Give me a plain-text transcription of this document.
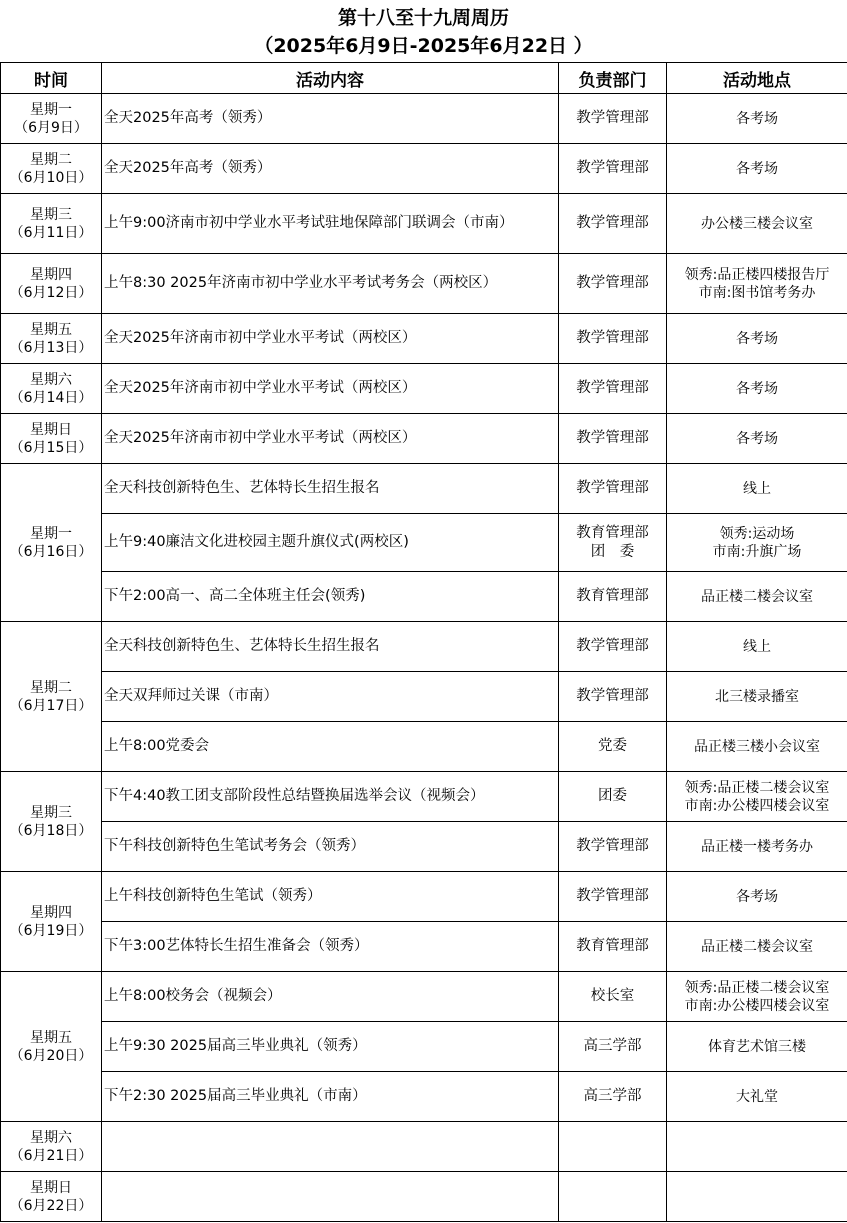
第十八至十九周周历
（2025年6月9日-2025年6月22日 ）
时间	活动内容	负责部门	活动地点

星期一
（6月9日）	全天2025年高考（领秀）	教学管理部	各考场

星期二
（6月10日）	全天2025年高考（领秀）	教学管理部	各考场

星期三
（6月11日）	上午9:00济南市初中学业水平考试驻地保障部门联调会（市南）	教学管理部	办公楼三楼会议室

星期四
（6月12日）	上午8:30 2025年济南市初中学业水平考试考务会（两校区）	教学管理部	领秀:品正楼四楼报告厅
市南:图书馆考务办

星期五
（6月13日）	全天2025年济南市初中学业水平考试（两校区）	教学管理部	各考场

星期六
（6月14日）	全天2025年济南市初中学业水平考试（两校区）	教学管理部	各考场

星期日
（6月15日）	全天2025年济南市初中学业水平考试（两校区）	教学管理部	各考场

星期一
（6月16日）	全天科技创新特色生、艺体特长生招生报名	教学管理部	线上

	上午9:40廉洁文化进校园主题升旗仪式(两校区)	教育管理部
团　委	领秀:运动场
市南:升旗广场

	下午2:00高一、高二全体班主任会(领秀)	教育管理部	品正楼二楼会议室

星期二
（6月17日）	全天科技创新特色生、艺体特长生招生报名	教学管理部	线上

	全天双拜师过关课（市南）	教学管理部	北三楼录播室

	上午8:00党委会	党委	品正楼三楼小会议室

星期三
（6月18日）	下午4:40教工团支部阶段性总结暨换届选举会议（视频会）	团委	领秀:品正楼二楼会议室
市南:办公楼四楼会议室

	下午科技创新特色生笔试考务会（领秀）	教学管理部	品正楼一楼考务办

星期四
（6月19日）	上午科技创新特色生笔试（领秀）	教学管理部	各考场

	下午3:00艺体特长生招生准备会（领秀）	教育管理部	品正楼二楼会议室

星期五
（6月20日）	上午8:00校务会（视频会）	校长室	领秀:品正楼二楼会议室
市南:办公楼四楼会议室

	上午9:30 2025届高三毕业典礼（领秀）	高三学部	体育艺术馆三楼

	下午2:30 2025届高三毕业典礼（市南）	高三学部	大礼堂

星期六
（6月21日）			

星期日
（6月22日）			
